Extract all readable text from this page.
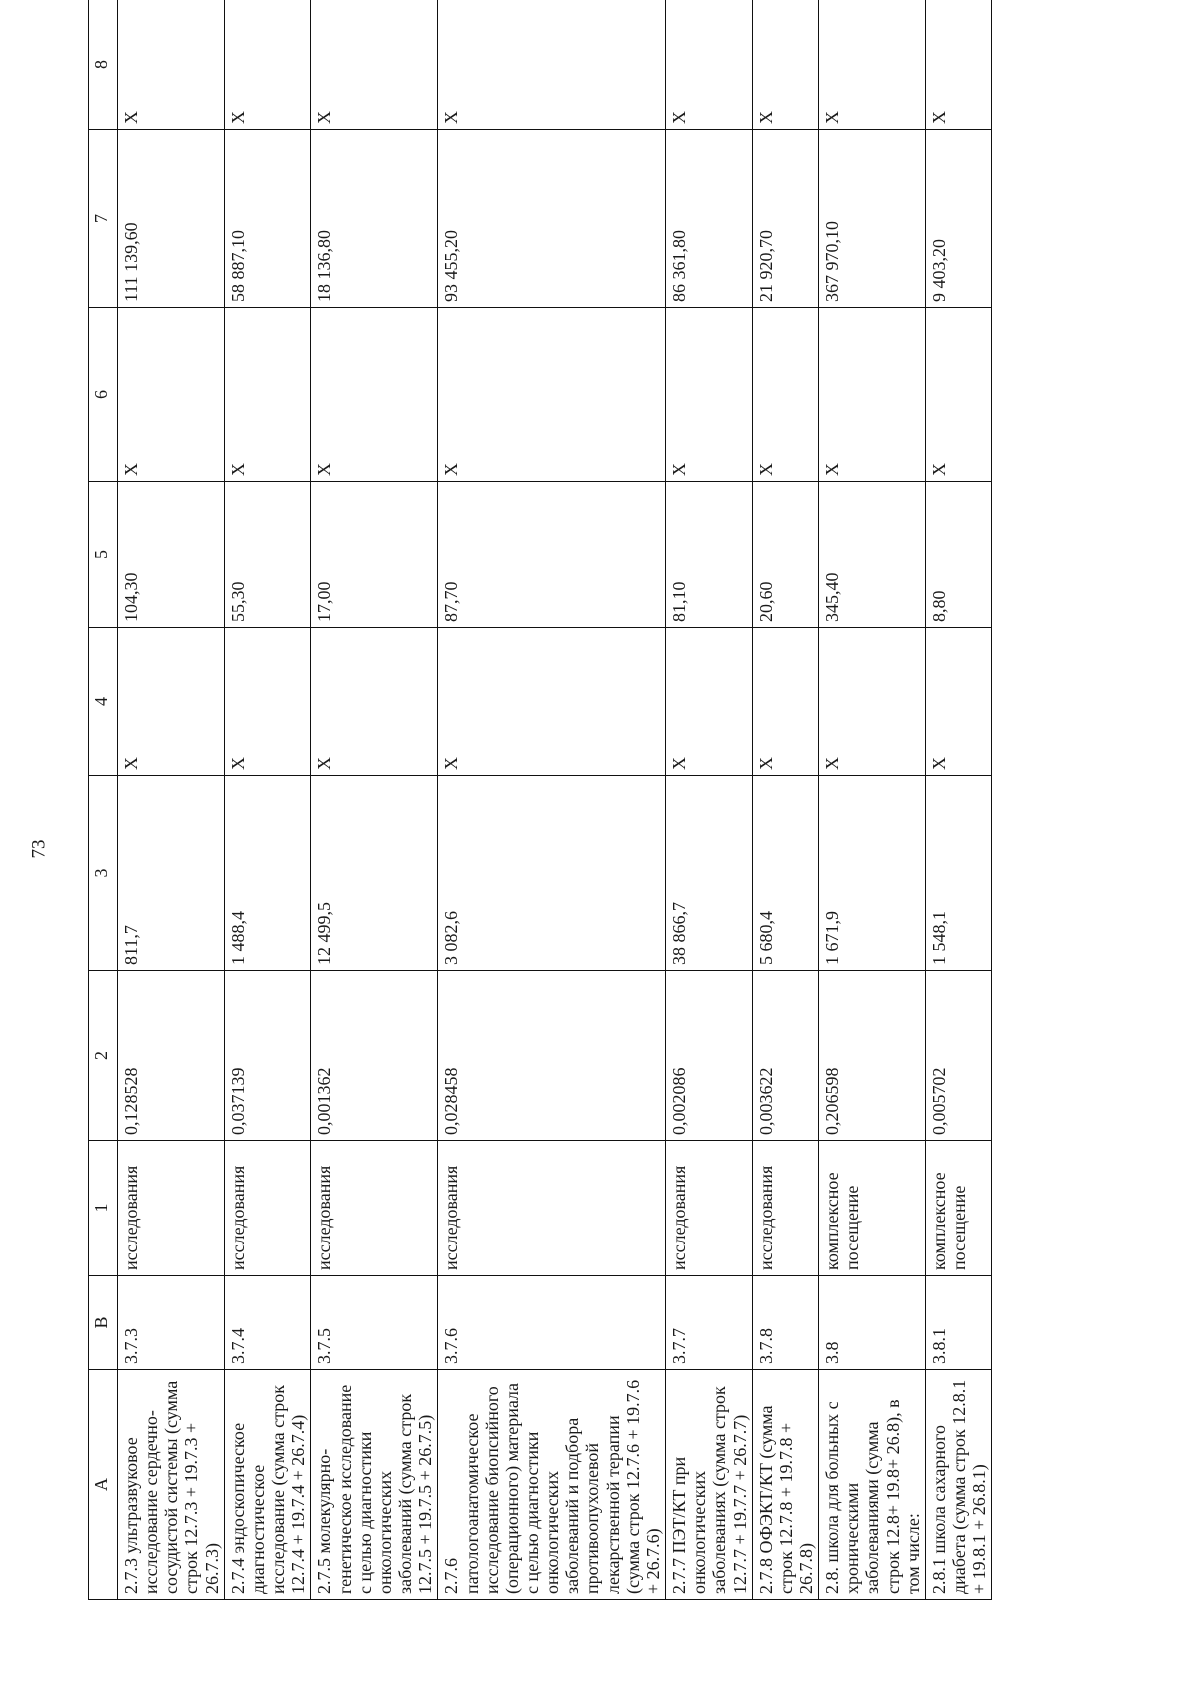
73
А	В	1	2	3	4	5	6	7	8
2.7.3 ультразвуковое исследование сердечно-сосудистой системы (сумма строк 12.7.3 + 19.7.3 + 26.7.3)	3.7.3	исследования	0,128528	811,7	Х	104,30	Х	111 139,60	Х
2.7.4 эндоскопическое диагностическое исследование (сумма строк 12.7.4 + 19.7.4 + 26.7.4)	3.7.4	исследования	0,037139	1 488,4	Х	55,30	Х	58 887,10	Х
2.7.5 молекулярно-генетическое исследование с целью диагностики онкологических заболеваний (сумма строк 12.7.5 + 19.7.5 + 26.7.5)	3.7.5	исследования	0,001362	12 499,5	Х	17,00	Х	18 136,80	Х
2.7.6 патологоанатомическое исследование биопсийного (операционного) материала с целью диагностики онкологических заболеваний и подбора противоопухолевой лекарственной терапии (сумма строк 12.7.6 + 19.7.6 + 26.7.6)	3.7.6	исследования	0,028458	3 082,6	Х	87,70	Х	93 455,20	Х
2.7.7 ПЭТ/КТ при онкологических заболеваниях (сумма строк 12.7.7 + 19.7.7 + 26.7.7)	3.7.7	исследования	0,002086	38 866,7	Х	81,10	Х	86 361,80	Х
2.7.8 ОФЭКТ/КТ (сумма строк 12.7.8 + 19.7.8 + 26.7.8)	3.7.8	исследования	0,003622	5 680,4	Х	20,60	Х	21 920,70	Х
2.8. школа для больных с хроническими заболеваниями (сумма строк 12.8+ 19.8+ 26.8), в том числе:	3.8	комплексное посещение	0,206598	1 671,9	Х	345,40	Х	367 970,10	Х
2.8.1 школа сахарного диабета (сумма строк 12.8.1 + 19.8.1 + 26.8.1)	3.8.1	комплексное посещение	0,005702	1 548,1	Х	8,80	Х	9 403,20	Х
